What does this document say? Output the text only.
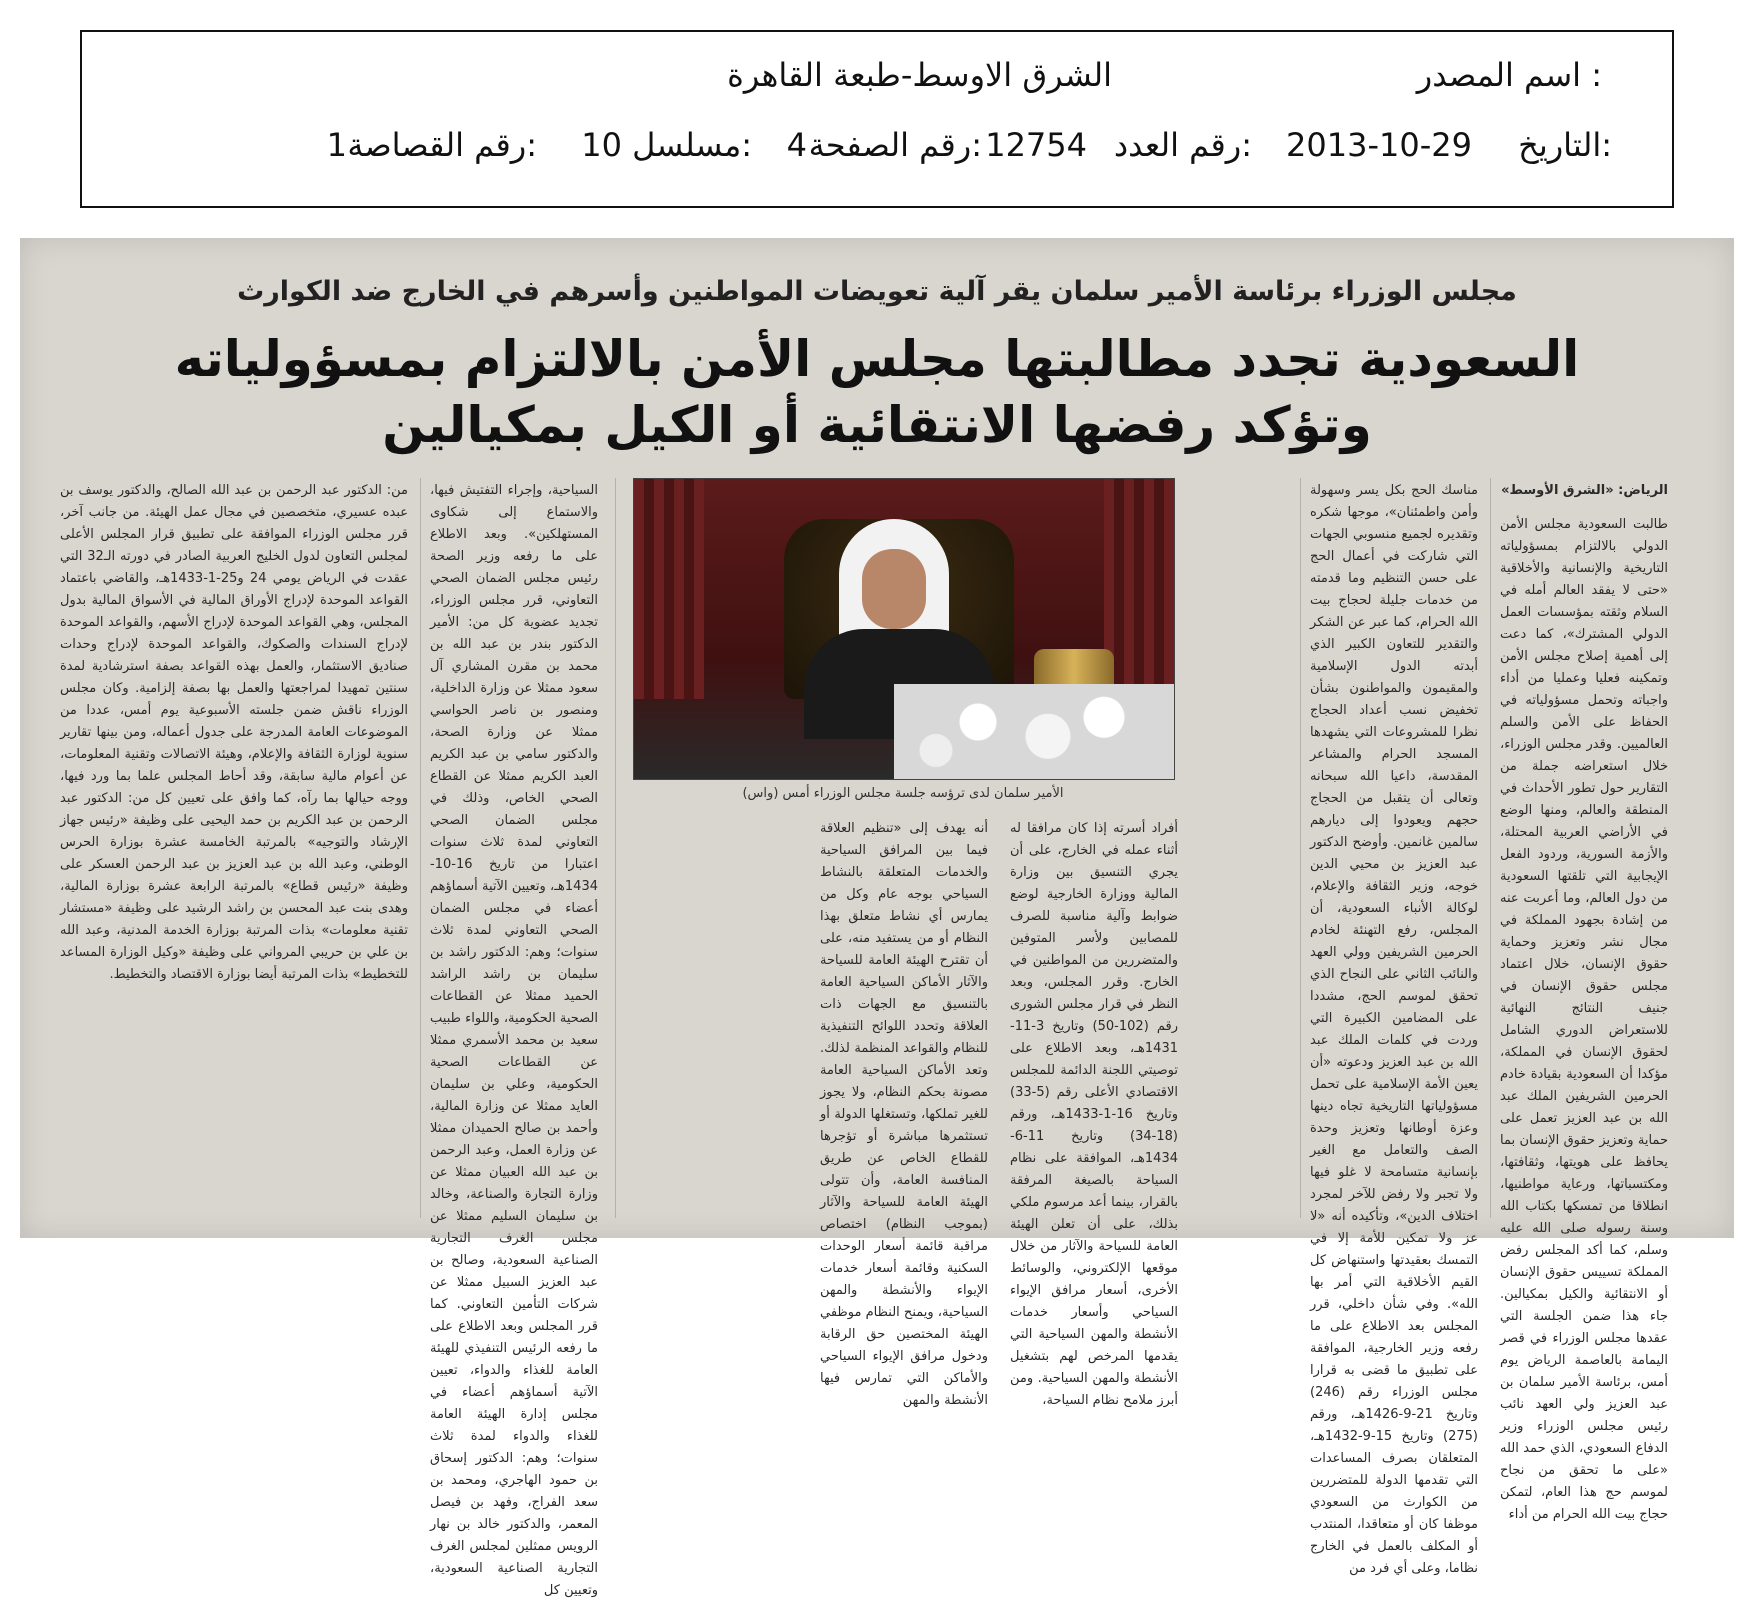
اسم المصدر :
الشرق الاوسط-طبعة القاهرة
التاريخ:
2013-10-29
رقم العدد:
12754
رقم الصفحة:
4
مسلسل:
10
رقم القصاصة:
1
مجلس الوزراء برئاسة الأمير سلمان يقر آلية تعويضات المواطنين وأسرهم في الخارج ضد الكوارث
السعودية تجدد مطالبتها مجلس الأمن بالالتزام بمسؤولياته
وتؤكد رفضها الانتقائية أو الكيل بمكيالين
الرياض: «الشرق الأوسط»
طالبت السعودية مجلس الأمن الدولي بالالتزام بمسؤولياته التاريخية والإنسانية والأخلاقية «حتى لا يفقد العالم أمله في السلام وثقته بمؤسسات العمل الدولي المشترك»، كما دعت إلى أهمية إصلاح مجلس الأمن وتمكينه فعليا وعمليا من أداء واجباته وتحمل مسؤولياته في الحفاظ على الأمن والسلم العالميين. وقدر مجلس الوزراء، خلال استعراضه جملة من التقارير حول تطور الأحداث في المنطقة والعالم، ومنها الوضع في الأراضي العربية المحتلة، والأزمة السورية، وردود الفعل الإيجابية التي تلقتها السعودية من دول العالم، وما أعربت عنه من إشادة بجهود المملكة في مجال نشر وتعزيز وحماية حقوق الإنسان، خلال اعتماد مجلس حقوق الإنسان في جنيف النتائج النهائية للاستعراض الدوري الشامل لحقوق الإنسان في المملكة، مؤكدا أن السعودية بقيادة خادم الحرمين الشريفين الملك عبد الله بن عبد العزيز تعمل على حماية وتعزيز حقوق الإنسان بما يحافظ على هويتها، وثقافتها، ومكتسباتها، ورعاية مواطنيها، انطلاقا من تمسكها بكتاب الله وسنة رسوله صلى الله عليه وسلم، كما أكد المجلس رفض المملكة تسييس حقوق الإنسان أو الانتقائية والكيل بمكيالين. جاء هذا ضمن الجلسة التي عقدها مجلس الوزراء في قصر اليمامة بالعاصمة الرياض يوم أمس، برئاسة الأمير سلمان بن عبد العزيز ولي العهد نائب رئيس مجلس الوزراء وزير الدفاع السعودي، الذي حمد الله «على ما تحقق من نجاح لموسم حج هذا العام، لتمكن حجاج بيت الله الحرام من أداء
مناسك الحج بكل يسر وسهولة وأمن واطمئنان»، موجها شكره وتقديره لجميع منسوبي الجهات التي شاركت في أعمال الحج على حسن التنظيم وما قدمته من خدمات جليلة لحجاج بيت الله الحرام، كما عبر عن الشكر والتقدير للتعاون الكبير الذي أبدته الدول الإسلامية والمقيمون والمواطنون بشأن تخفيض نسب أعداد الحجاج نظرا للمشروعات التي يشهدها المسجد الحرام والمشاعر المقدسة، داعيا الله سبحانه وتعالى أن يتقبل من الحجاج حجهم ويعودوا إلى ديارهم سالمين غانمين. وأوضح الدكتور عبد العزيز بن محيي الدين خوجه، وزير الثقافة والإعلام، لوكالة الأنباء السعودية، أن المجلس، رفع التهنئة لخادم الحرمين الشريفين وولي العهد والنائب الثاني على النجاح الذي تحقق لموسم الحج، مشددا على المضامين الكبيرة التي وردت في كلمات الملك عبد الله بن عبد العزيز ودعوته «أن يعين الأمة الإسلامية على تحمل مسؤولياتها التاريخية تجاه دينها وعزة أوطانها وتعزيز وحدة الصف والتعامل مع الغير بإنسانية متسامحة لا غلو فيها ولا تجبر ولا رفض للآخر لمجرد اختلاف الدين»، وتأكيده أنه «لا عز ولا تمكين للأمة إلا في التمسك بعقيدتها واستنهاض كل القيم الأخلاقية التي أمر بها الله». وفي شأن داخلي، قرر المجلس بعد الاطلاع على ما رفعه وزير الخارجية، الموافقة على تطبيق ما قضى به قرارا مجلس الوزراء رقم (246) وتاريخ 21-9-1426هـ، ورقم (275) وتاريخ 15-9-1432هـ، المتعلقان بصرف المساعدات التي تقدمها الدولة للمتضررين من الكوارث من السعودي موظفا كان أو متعاقدا، المنتدب أو المكلف بالعمل في الخارج نظاما، وعلى أي فرد من
الأمير سلمان لدى ترؤسه جلسة مجلس الوزراء أمس (واس)
أفراد أسرته إذا كان مرافقا له أثناء عمله في الخارج، على أن يجري التنسيق بين وزارة المالية ووزارة الخارجية لوضع ضوابط وآلية مناسبة للصرف للمصابين ولأسر المتوفين والمتضررين من المواطنين في الخارج. وقرر المجلس، وبعد النظر في قرار مجلس الشورى رقم (102-50) وتاريخ 3-11-1431هـ، وبعد الاطلاع على توصيتي اللجنة الدائمة للمجلس الاقتصادي الأعلى رقم (5-33) وتاريخ 16-1-1433هـ، ورقم (18-34) وتاريخ 11-6-1434هـ، الموافقة على نظام السياحة بالصيغة المرفقة بالقرار، بينما أعد مرسوم ملكي بذلك، على أن تعلن الهيئة العامة للسياحة والآثار من خلال موقعها الإلكتروني، والوسائط الأخرى، أسعار مرافق الإيواء السياحي وأسعار خدمات الأنشطة والمهن السياحية التي يقدمها المرخص لهم بتشغيل الأنشطة والمهن السياحية. ومن أبرز ملامح نظام السياحة،
أنه يهدف إلى «تنظيم العلاقة فيما بين المرافق السياحية والخدمات المتعلقة بالنشاط السياحي بوجه عام وكل من يمارس أي نشاط متعلق بهذا النظام أو من يستفيد منه، على أن تقترح الهيئة العامة للسياحة والآثار الأماكن السياحية العامة بالتنسيق مع الجهات ذات العلاقة وتحدد اللوائح التنفيذية للنظام والقواعد المنظمة لذلك. وتعد الأماكن السياحية العامة مصونة بحكم النظام، ولا يجوز للغير تملكها، وتستغلها الدولة أو تستثمرها مباشرة أو تؤجرها للقطاع الخاص عن طريق المنافسة العامة، وأن تتولى الهيئة العامة للسياحة والآثار (بموجب النظام) اختصاص مراقبة قائمة أسعار الوحدات السكنية وقائمة أسعار خدمات الإيواء والأنشطة والمهن السياحية، ويمنح النظام موظفي الهيئة المختصين حق الرقابة ودخول مرافق الإيواء السياحي والأماكن التي تمارس فيها الأنشطة والمهن
السياحية، وإجراء التفتيش فيها، والاستماع إلى شكاوى المستهلكين». وبعد الاطلاع على ما رفعه وزير الصحة رئيس مجلس الضمان الصحي التعاوني، قرر مجلس الوزراء، تجديد عضوية كل من: الأمير الدكتور بندر بن عبد الله بن محمد بن مقرن المشاري آل سعود ممثلا عن وزارة الداخلية، ومنصور بن ناصر الحواسي ممثلا عن وزارة الصحة، والدكتور سامي بن عبد الكريم العبد الكريم ممثلا عن القطاع الصحي الخاص، وذلك في مجلس الضمان الصحي التعاوني لمدة ثلاث سنوات اعتبارا من تاريخ 16-10-1434هـ، وتعيين الآتية أسماؤهم أعضاء في مجلس الضمان الصحي التعاوني لمدة ثلاث سنوات؛ وهم: الدكتور راشد بن سليمان بن راشد الراشد الحميد ممثلا عن القطاعات الصحية الحكومية، واللواء طبيب سعيد بن محمد الأسمري ممثلا عن القطاعات الصحية الحكومية، وعلي بن سليمان العايد ممثلا عن وزارة المالية، وأحمد بن صالح الحميدان ممثلا عن وزارة العمل، وعبد الرحمن بن عبد الله العبيان ممثلا عن وزارة التجارة والصناعة، وخالد بن سليمان السليم ممثلا عن مجلس الغرف التجارية الصناعية السعودية، وصالح بن عبد العزيز السبيل ممثلا عن شركات التأمين التعاوني. كما قرر المجلس وبعد الاطلاع على ما رفعه الرئيس التنفيذي للهيئة العامة للغذاء والدواء، تعيين الآتية أسماؤهم أعضاء في مجلس إدارة الهيئة العامة للغذاء والدواء لمدة ثلاث سنوات؛ وهم: الدكتور إسحاق بن حمود الهاجري، ومحمد بن سعد الفراج، وفهد بن فيصل المعمر، والدكتور خالد بن نهار الرويس ممثلين لمجلس الغرف التجارية الصناعية السعودية، وتعيين كل
من: الدكتور عبد الرحمن بن عبد الله الصالح، والدكتور يوسف بن عبده عسيري، متخصصين في مجال عمل الهيئة. من جانب آخر، قرر مجلس الوزراء الموافقة على تطبيق قرار المجلس الأعلى لمجلس التعاون لدول الخليج العربية الصادر في دورته الـ32 التي عقدت في الرياض يومي 24 و25-1-1433هـ، والقاضي باعتماد القواعد الموحدة لإدراج الأوراق المالية في الأسواق المالية بدول المجلس، وهي القواعد الموحدة لإدراج الأسهم، والقواعد الموحدة لإدراج السندات والصكوك، والقواعد الموحدة لإدراج وحدات صناديق الاستثمار، والعمل بهذه القواعد بصفة استرشادية لمدة سنتين تمهيدا لمراجعتها والعمل بها بصفة إلزامية. وكان مجلس الوزراء ناقش ضمن جلسته الأسبوعية يوم أمس، عددا من الموضوعات العامة المدرجة على جدول أعماله، ومن بينها تقارير سنوية لوزارة الثقافة والإعلام، وهيئة الاتصالات وتقنية المعلومات، عن أعوام مالية سابقة، وقد أحاط المجلس علما بما ورد فيها، ووجه حيالها بما رآه، كما وافق على تعيين كل من: الدكتور عبد الرحمن بن عبد الكريم بن حمد اليحيى على وظيفة «رئيس جهاز الإرشاد والتوجيه» بالمرتبة الخامسة عشرة بوزارة الحرس الوطني، وعبد الله بن عبد العزيز بن عبد الرحمن العسكر على وظيفة «رئيس قطاع» بالمرتبة الرابعة عشرة بوزارة المالية، وهدى بنت عبد المحسن بن راشد الرشيد على وظيفة «مستشار تقنية معلومات» بذات المرتبة بوزارة الخدمة المدنية، وعبد الله بن علي بن حريبي المرواني على وظيفة «وكيل الوزارة المساعد للتخطيط» بذات المرتبة أيضا بوزارة الاقتصاد والتخطيط.
